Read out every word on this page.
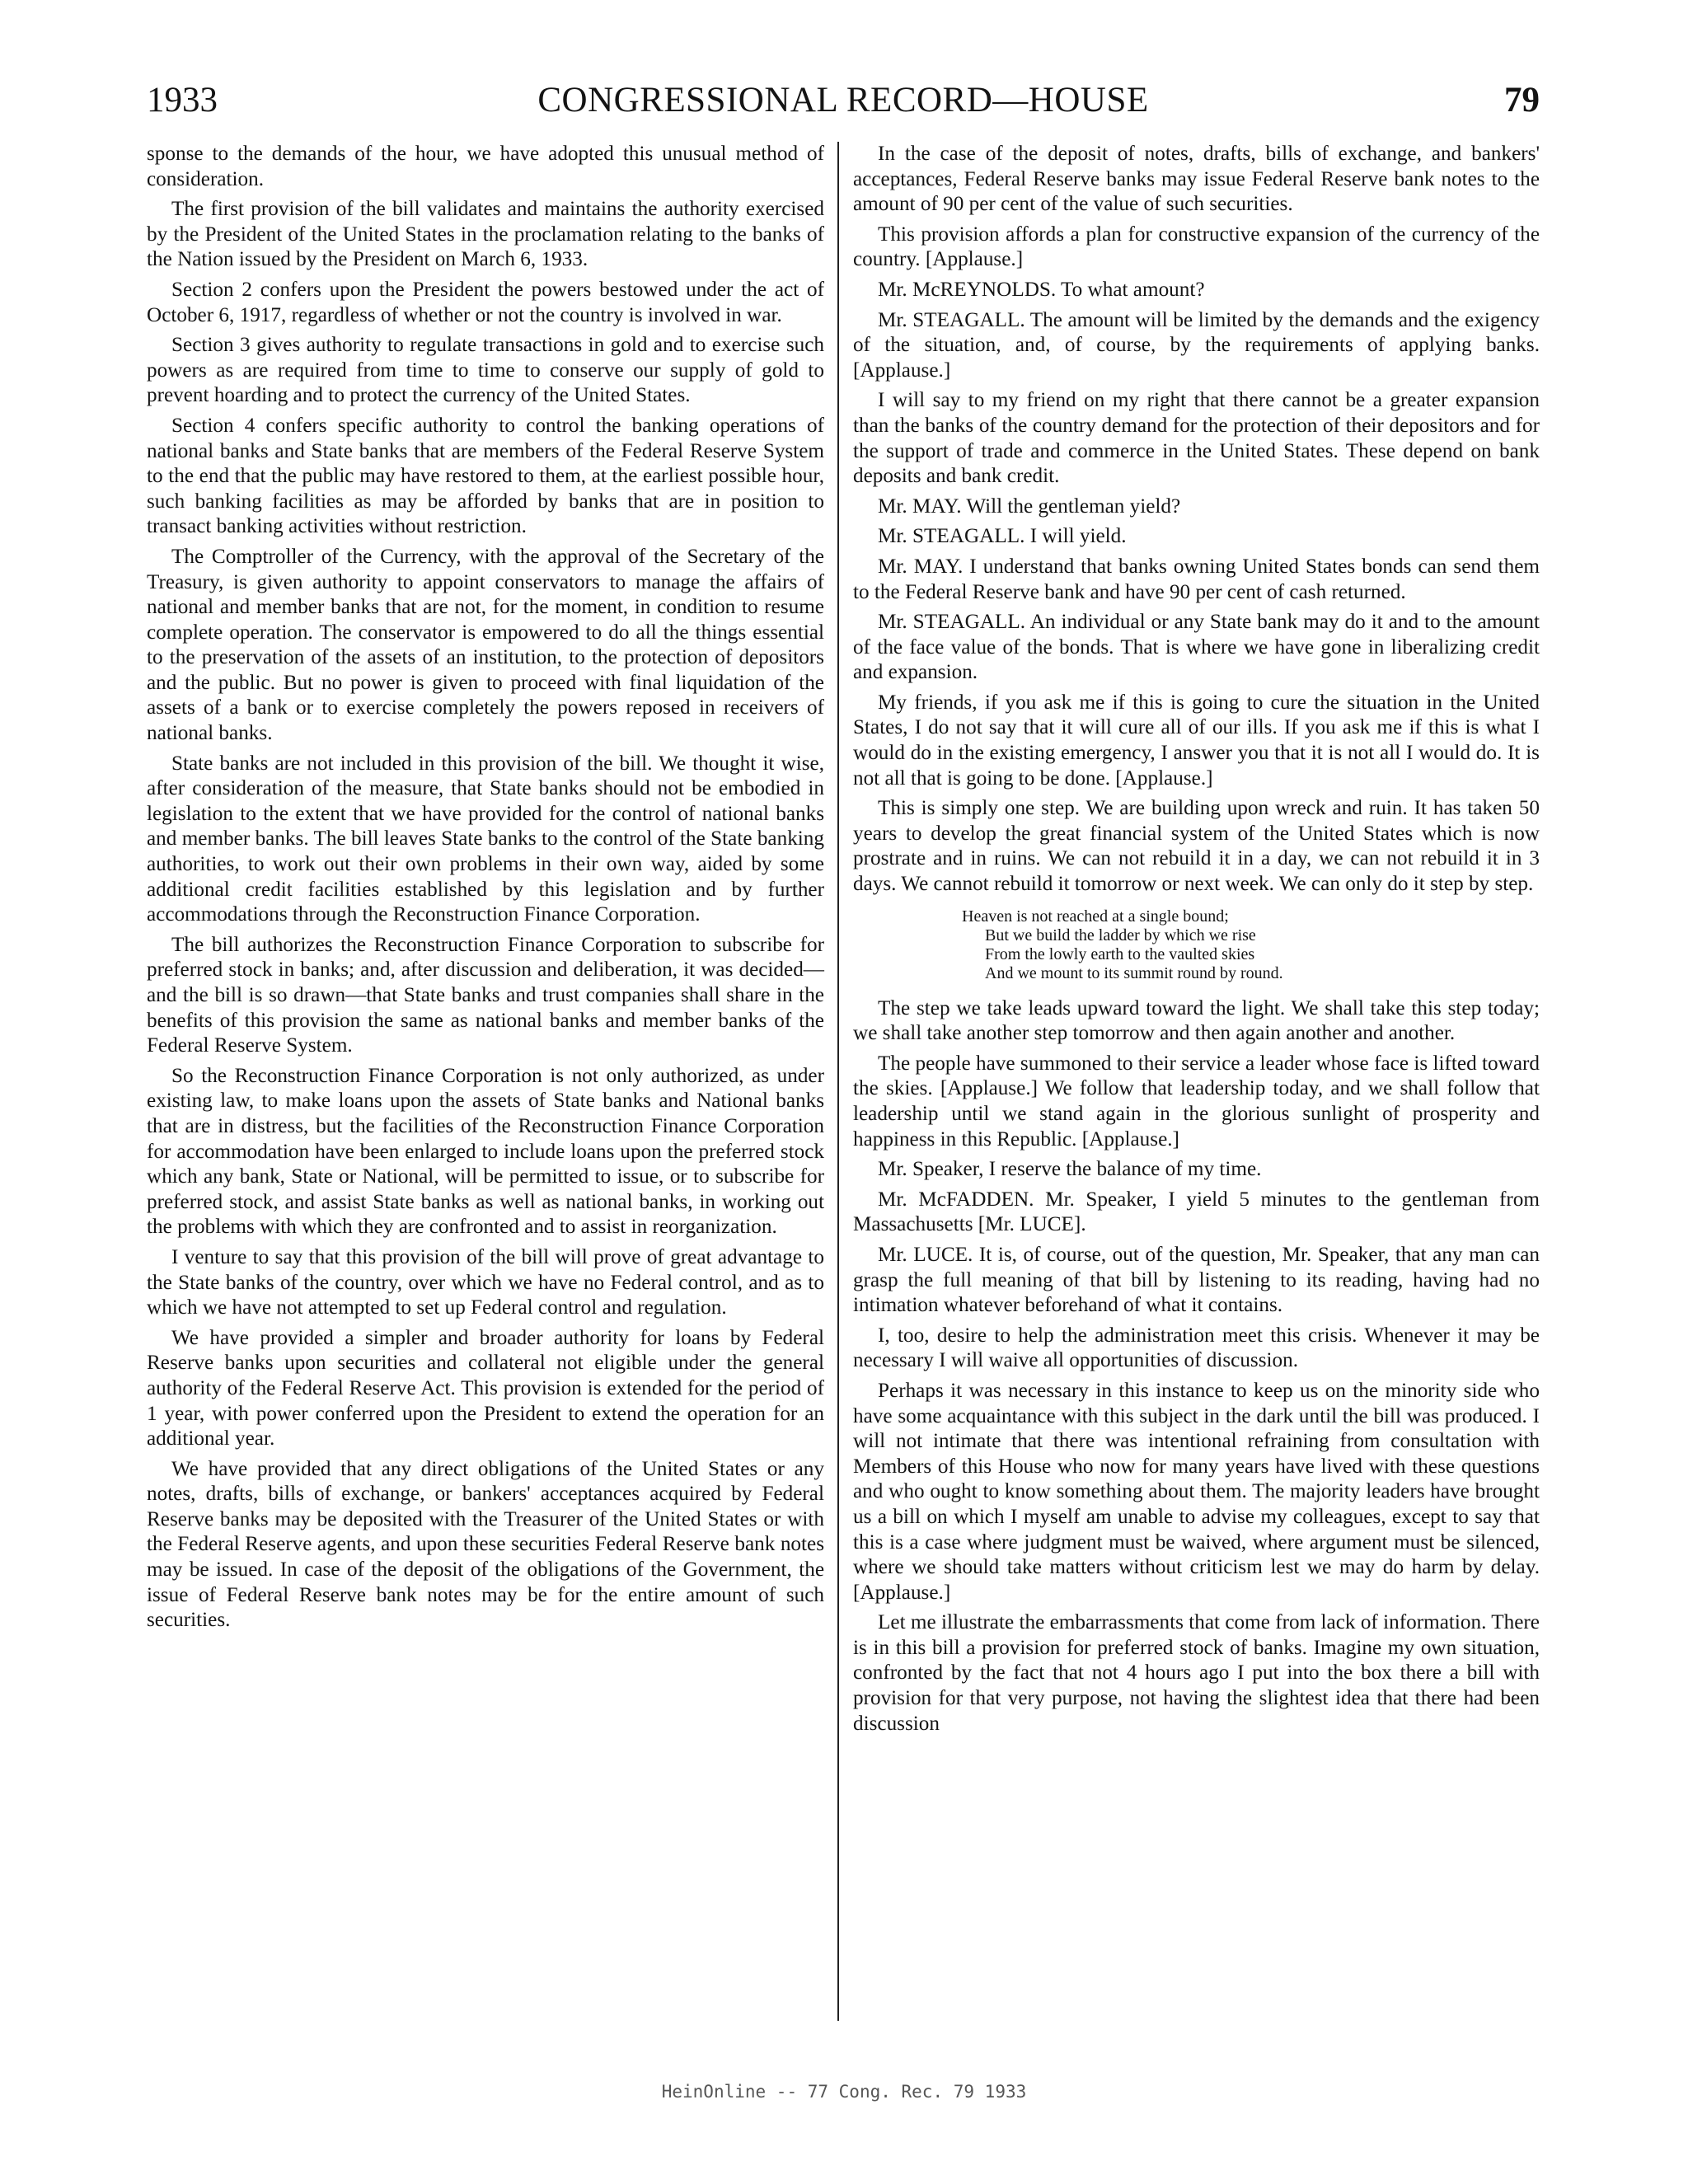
CONGRESSIONAL RECORD—HOUSE
1933	79

sponse to the demands of the hour, we have adopted this unusual method of consideration.

The first provision of the bill validates and maintains the authority exercised by the President of the United States in the proclamation relating to the banks of the Nation issued by the President on March 6, 1933.

Section 2 confers upon the President the powers bestowed under the act of October 6, 1917, regardless of whether or not the country is involved in war.

Section 3 gives authority to regulate transactions in gold and to exercise such powers as are required from time to time to conserve our supply of gold to prevent hoarding and to protect the currency of the United States.

Section 4 confers specific authority to control the banking operations of national banks and State banks that are members of the Federal Reserve System to the end that the public may have restored to them, at the earliest possible hour, such banking facilities as may be afforded by banks that are in position to transact banking activities without restriction.

The Comptroller of the Currency, with the approval of the Secretary of the Treasury, is given authority to appoint conservators to manage the affairs of national and member banks that are not, for the moment, in condition to resume complete operation. The conservator is empowered to do all the things essential to the preservation of the assets of an institution, to the protection of depositors and the public. But no power is given to proceed with final liquidation of the assets of a bank or to exercise completely the powers reposed in receivers of national banks.

State banks are not included in this provision of the bill. We thought it wise, after consideration of the measure, that State banks should not be embodied in legislation to the extent that we have provided for the control of national banks and member banks. The bill leaves State banks to the control of the State banking authorities, to work out their own problems in their own way, aided by some additional credit facilities established by this legislation and by further accommodations through the Reconstruction Finance Corporation.

The bill authorizes the Reconstruction Finance Corporation to subscribe for preferred stock in banks; and, after discussion and deliberation, it was decided—and the bill is so drawn—that State banks and trust companies shall share in the benefits of this provision the same as national banks and member banks of the Federal Reserve System.

So the Reconstruction Finance Corporation is not only authorized, as under existing law, to make loans upon the assets of State banks and National banks that are in distress, but the facilities of the Reconstruction Finance Corporation for accommodation have been enlarged to include loans upon the preferred stock which any bank, State or National, will be permitted to issue, or to subscribe for preferred stock, and assist State banks as well as national banks, in working out the problems with which they are confronted and to assist in reorganization.

I venture to say that this provision of the bill will prove of great advantage to the State banks of the country, over which we have no Federal control, and as to which we have not attempted to set up Federal control and regulation.

We have provided a simpler and broader authority for loans by Federal Reserve banks upon securities and collateral not eligible under the general authority of the Federal Reserve Act. This provision is extended for the period of 1 year, with power conferred upon the President to extend the operation for an additional year.

We have provided that any direct obligations of the United States or any notes, drafts, bills of exchange, or bankers' acceptances acquired by Federal Reserve banks may be deposited with the Treasurer of the United States or with the Federal Reserve agents, and upon these securities Federal Reserve bank notes may be issued. In case of the deposit of the obligations of the Government, the issue of Federal Reserve bank notes may be for the entire amount of such securities.

In the case of the deposit of notes, drafts, bills of exchange, and bankers' acceptances, Federal Reserve banks may issue Federal Reserve bank notes to the amount of 90 per cent of the value of such securities.

This provision affords a plan for constructive expansion of the currency of the country. [Applause.]

Mr. McREYNOLDS. To what amount?

Mr. STEAGALL. The amount will be limited by the demands and the exigency of the situation, and, of course, by the requirements of applying banks. [Applause.]

I will say to my friend on my right that there cannot be a greater expansion than the banks of the country demand for the protection of their depositors and for the support of trade and commerce in the United States. These depend on bank deposits and bank credit.

Mr. MAY. Will the gentleman yield?

Mr. STEAGALL. I will yield.

Mr. MAY. I understand that banks owning United States bonds can send them to the Federal Reserve bank and have 90 per cent of cash returned.

Mr. STEAGALL. An individual or any State bank may do it and to the amount of the face value of the bonds. That is where we have gone in liberalizing credit and expansion.

My friends, if you ask me if this is going to cure the situation in the United States, I do not say that it will cure all of our ills. If you ask me if this is what I would do in the existing emergency, I answer you that it is not all I would do. It is not all that is going to be done. [Applause.]

This is simply one step. We are building upon wreck and ruin. It has taken 50 years to develop the great financial system of the United States which is now prostrate and in ruins. We can not rebuild it in a day, we can not rebuild it in 3 days. We cannot rebuild it tomorrow or next week. We can only do it step by step.

Heaven is not reached at a single bound;
But we build the ladder by which we rise
From the lowly earth to the vaulted skies
And we mount to its summit round by round.

The step we take leads upward toward the light. We shall take this step today; we shall take another step tomorrow and then again another and another.

The people have summoned to their service a leader whose face is lifted toward the skies. [Applause.] We follow that leadership today, and we shall follow that leadership until we stand again in the glorious sunlight of prosperity and happiness in this Republic. [Applause.]

Mr. Speaker, I reserve the balance of my time.

Mr. McFADDEN. Mr. Speaker, I yield 5 minutes to the gentleman from Massachusetts [Mr. LUCE].

Mr. LUCE. It is, of course, out of the question, Mr. Speaker, that any man can grasp the full meaning of that bill by listening to its reading, having had no intimation whatever beforehand of what it contains.

I, too, desire to help the administration meet this crisis. Whenever it may be necessary I will waive all opportunities of discussion.

Perhaps it was necessary in this instance to keep us on the minority side who have some acquaintance with this subject in the dark until the bill was produced. I will not intimate that there was intentional refraining from consultation with Members of this House who now for many years have lived with these questions and who ought to know something about them. The majority leaders have brought us a bill on which I myself am unable to advise my colleagues, except to say that this is a case where judgment must be waived, where argument must be silenced, where we should take matters without criticism lest we may do harm by delay. [Applause.]

Let me illustrate the embarrassments that come from lack of information. There is in this bill a provision for preferred stock of banks. Imagine my own situation, confronted by the fact that not 4 hours ago I put into the box there a bill with provision for that very purpose, not having the slightest idea that there had been discussion

HeinOnline -- 77 Cong. Rec. 79 1933
